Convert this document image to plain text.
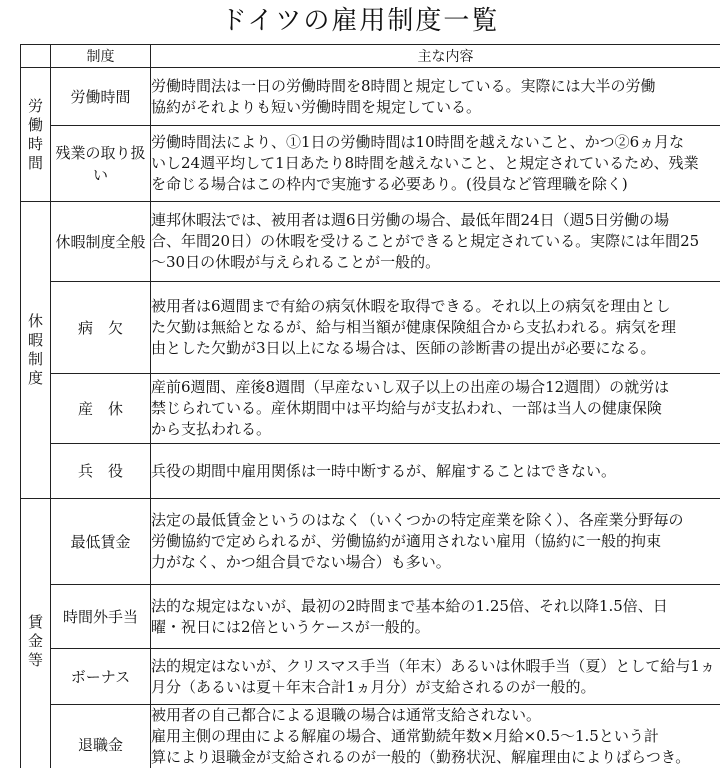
ドイツの雇用制度一覧
	制度	主な内容
労働時間	労働時間	労働時間法は一日の労働時間を8時間と規定している。実際には大半の労働
協約がそれよりも短い労働時間を規定している。

	残業の取り扱い	労働時間法により、①1日の労働時間は10時間を越えないこと、かつ②6ヵ月な
いし24週平均して1日あたり8時間を越えないこと、と規定されているため、残業
を命じる場合はこの枠内で実施する必要あり。(役員など管理職を除く)

休暇制度	休暇制度全般	連邦休暇法では、被用者は週6日労働の場合、最低年間24日（週5日労働の場
合、年間20日）の休暇を受けることができると規定されている。実際には年間25
〜30日の休暇が与えられることが一般的。

	病　欠	被用者は6週間まで有給の病気休暇を取得できる。それ以上の病気を理由とし
た欠勤は無給となるが、給与相当額が健康保険組合から支払われる。病気を理
由とした欠勤が3日以上になる場合は、医師の診断書の提出が必要になる。

	産　休	産前6週間、産後8週間（早産ないし双子以上の出産の場合12週間）の就労は
禁じられている。産休期間中は平均給与が支払われ、一部は当人の健康保険
から支払われる。

	兵　役	兵役の期間中雇用関係は一時中断するが、解雇することはできない。

賃金等	最低賃金	法定の最低賃金というのはなく（いくつかの特定産業を除く）、各産業分野毎の
労働協約で定められるが、労働協約が適用されない雇用（協約に一般的拘束
力がなく、かつ組合員でない場合）も多い。

	時間外手当	法的な規定はないが、最初の2時間まで基本給の1.25倍、それ以降1.5倍、日
曜・祝日には2倍というケースが一般的。

	ボーナス	法的規定はないが、クリスマス手当（年末）あるいは休暇手当（夏）として給与1ヵ
月分（あるいは夏＋年末合計1ヵ月分）が支給されるのが一般的。

	退職金	被用者の自己都合による退職の場合は通常支給されない。
雇用主側の理由による解雇の場合、通常勤続年数×月給×0.5〜1.5という計
算により退職金が支給されるのが一般的（勤務状況、解雇理由によりばらつき。
